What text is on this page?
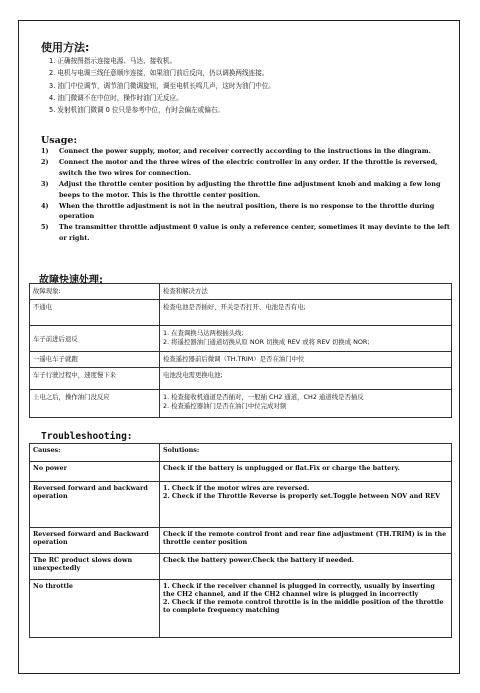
使用方法:
1. 正确按图指示连接电源、马达、接收机。
2. 电机与电调三线任意顺序连接，如果油门前后反向，仍以调换两线连接。
3. 油门中位调节，调节油门微调旋钮，调至电机长鸣几声，这时为油门中位。
4. 油门微调不在中位时，操作时油门无反应。
5. 发射机油门微调 0 位只是参考中位，有时会偏左或偏右。
Usage:
1) Connect the power supply, motor, and receiver correctly according to the instructions in the dingram.
2) Connect the motor and the three wires of the electric controller in any order. If the throttle is reversed, switch the two wires for connection.
3) Adjust the throttle center position by adjusting the throttle fine adjustment knob and making a few long beeps to the motor. This is the throttle center position.
4) When the throttle adjustment is not in the neutral position, there is no response to the throttle during operation
5) The transmitter throttle adjustment 0 value is only a reference center, sometimes it may devinte to the left or right.
故障快速处理:
故障现象:	检查和解决方法
不通电	检查电池是否插好、开关是否打开、电池是否有电;

车子前进后退反	1. 在查调换马达两根插头线;
2. 将遥控器油门通道切换从原 NOR 切换成 REV 或将 REV 切换成 NOR;

一遥电车子就跑	检查遥控器前后微调（TH.TRIM）是否在油门中位

车子行驶过程中，速度慢下来	电池没电需更换电池;

上电之后，操作油门没反应	1. 检查接收机通道是否插对，一般插 CH2 通道，CH2 通道线是否插反
2. 检查遥控器油门是否在油门中位完成对频
Troubleshooting:
Causes:	Solutions:
No power	Check if the battery is unplugged or flat.Fix or charge the battery.

Reversed forward and backward operation	1. Check if the motor wires are reversed.
2. Check if the Throttle Reverse is properly set.Toggle between NOV and REV

Reversed forward and Backward operation	Check if the remote control front and rear fine adjustment (TH.TRIM) is in the throttle center position

The RC product slows down unexpectedly	Check the battery power.Check the battery if needed.

No throttle	1. Check if the receiver channel is plugged in correctly, usually by inserting the CH2 channel, and if the CH2 channel wire is plugged in incorrectly
2. Check if the remote control throttle is in the middle position of the throttle to complete frequency matching
